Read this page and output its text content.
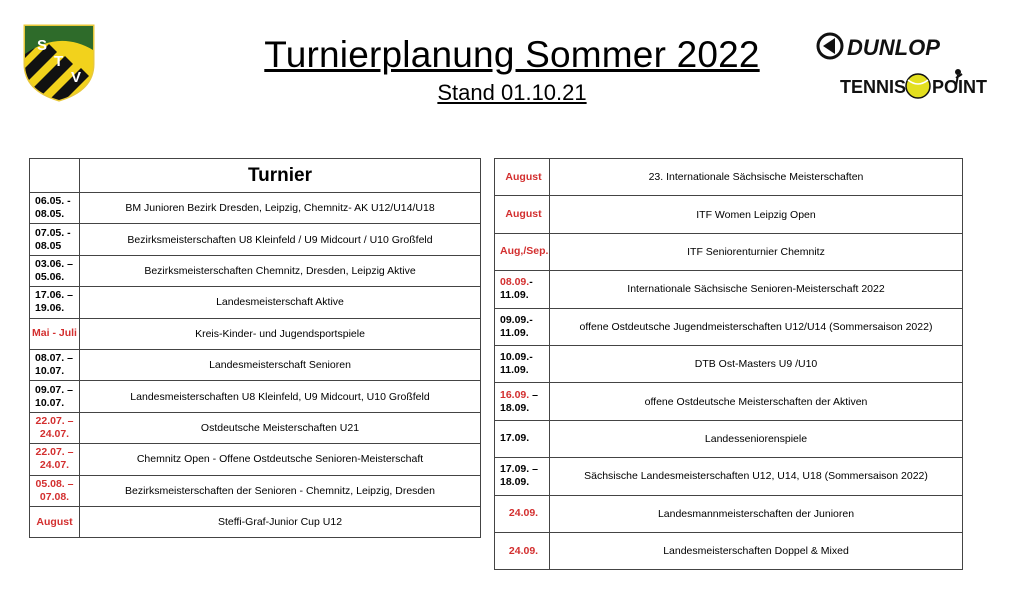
S
T
V
Turnierplanung Sommer 2022
Stand 01.10.21
DUNLOP
TENNIS POINT
	Turnier
06.05. - 08.05.	BM Junioren Bezirk Dresden, Leipzig, Chemnitz- AK U12/U14/U18
07.05. - 08.05	Bezirksmeisterschaften U8 Kleinfeld / U9 Midcourt / U10 Großfeld
03.06. – 05.06.	Bezirksmeisterschaften Chemnitz, Dresden, Leipzig Aktive
17.06. – 19.06.	Landesmeisterschaft Aktive
Mai - Juli	Kreis-Kinder- und Jugendsportspiele
08.07. – 10.07.	Landesmeisterschaft Senioren
09.07. – 10.07.	Landesmeisterschaften U8 Kleinfeld, U9 Midcourt, U10 Großfeld
22.07. – 24.07.	Ostdeutsche Meisterschaften U21
22.07. – 24.07.	Chemnitz Open - Offene Ostdeutsche Senioren-Meisterschaft
05.08. – 07.08.	Bezirksmeisterschaften der Senioren - Chemnitz, Leipzig, Dresden
August	Steffi-Graf-Junior Cup U12
August	23. Internationale Sächsische Meisterschaften
August	ITF Women Leipzig Open
Aug,/Sep.	ITF Seniorenturnier Chemnitz
08.09.- 11.09.	Internationale Sächsische Senioren-Meisterschaft 2022
09.09.- 11.09.	offene Ostdeutsche Jugendmeisterschaften U12/U14 (Sommersaison 2022)
10.09.- 11.09.	DTB Ost-Masters U9 /U10
16.09. – 18.09.	offene Ostdeutsche Meisterschaften der Aktiven
17.09.	Landesseniorenspiele
17.09. – 18.09.	Sächsische Landesmeisterschaften U12, U14, U18 (Sommersaison 2022)
24.09.	Landesmannmeisterschaften der Junioren
24.09.	Landesmeisterschaften Doppel & Mixed
